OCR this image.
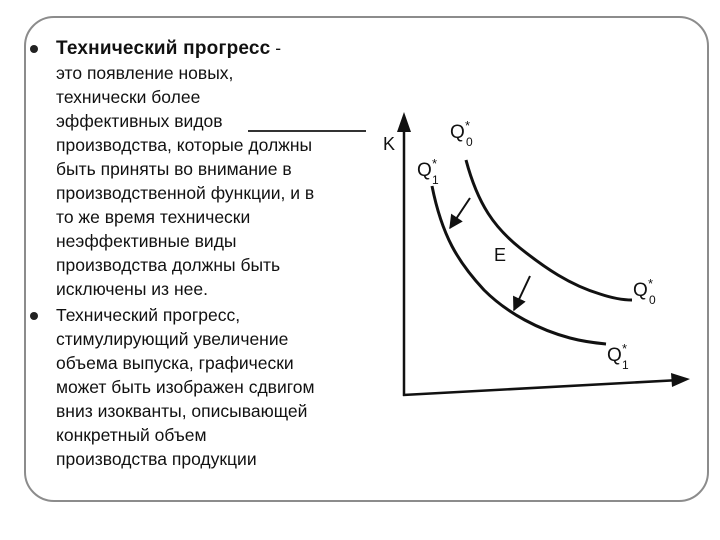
Технический прогресс -
это появление новых,
технически более
эффективных видов
производства, которые должны
быть приняты во внимание в
производственной функции, и в
то же время технически
неэффективные виды
производства должны быть
исключены из нее.
Технический прогресс,
стимулирующий увеличение
объема выпуска, графически
может быть изображен сдвигом
вниз изокванты, описывающей
конкретный объем
производства продукции
K
E
Q *
0
Q *
1
Q *
0
Q *
1
